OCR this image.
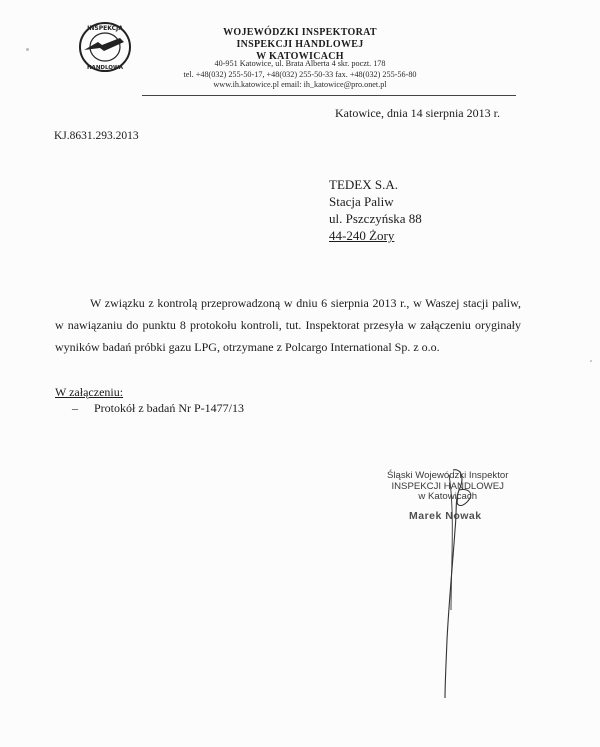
INSPEKCJA
HANDLOWA
WOJEWÓDZKI INSPEKTORAT
INSPEKCJI HANDLOWEJ
W KATOWICACH
40-951 Katowice, ul. Brata Alberta 4 skr. poczt. 178
tel. +48(032) 255-50-17, +48(032) 255-50-33 fax. +48(032) 255-56-80
www.ih.katowice.pl email: ih_katowice@pro.onet.pl
Katowice, dnia 14 sierpnia 2013 r.
KJ.8631.293.2013
TEDEX S.A.
Stacja Paliw
ul. Pszczyńska 88
44-240 Żory
W związku z kontrolą przeprowadzoną w dniu 6 sierpnia 2013 r., w Waszej stacji paliw, w nawiązaniu do punktu 8 protokołu kontroli, tut. Inspektorat przesyła w załączeniu oryginały wyników badań próbki gazu LPG, otrzymane z Polcargo International Sp. z o.o.
W załączeniu:
– Protokół z badań Nr P-1477/13
Śląski Wojewódzki Inspektor
INSPEKCJI HANDLOWEJ
w Katowicach
Marek Nowak
